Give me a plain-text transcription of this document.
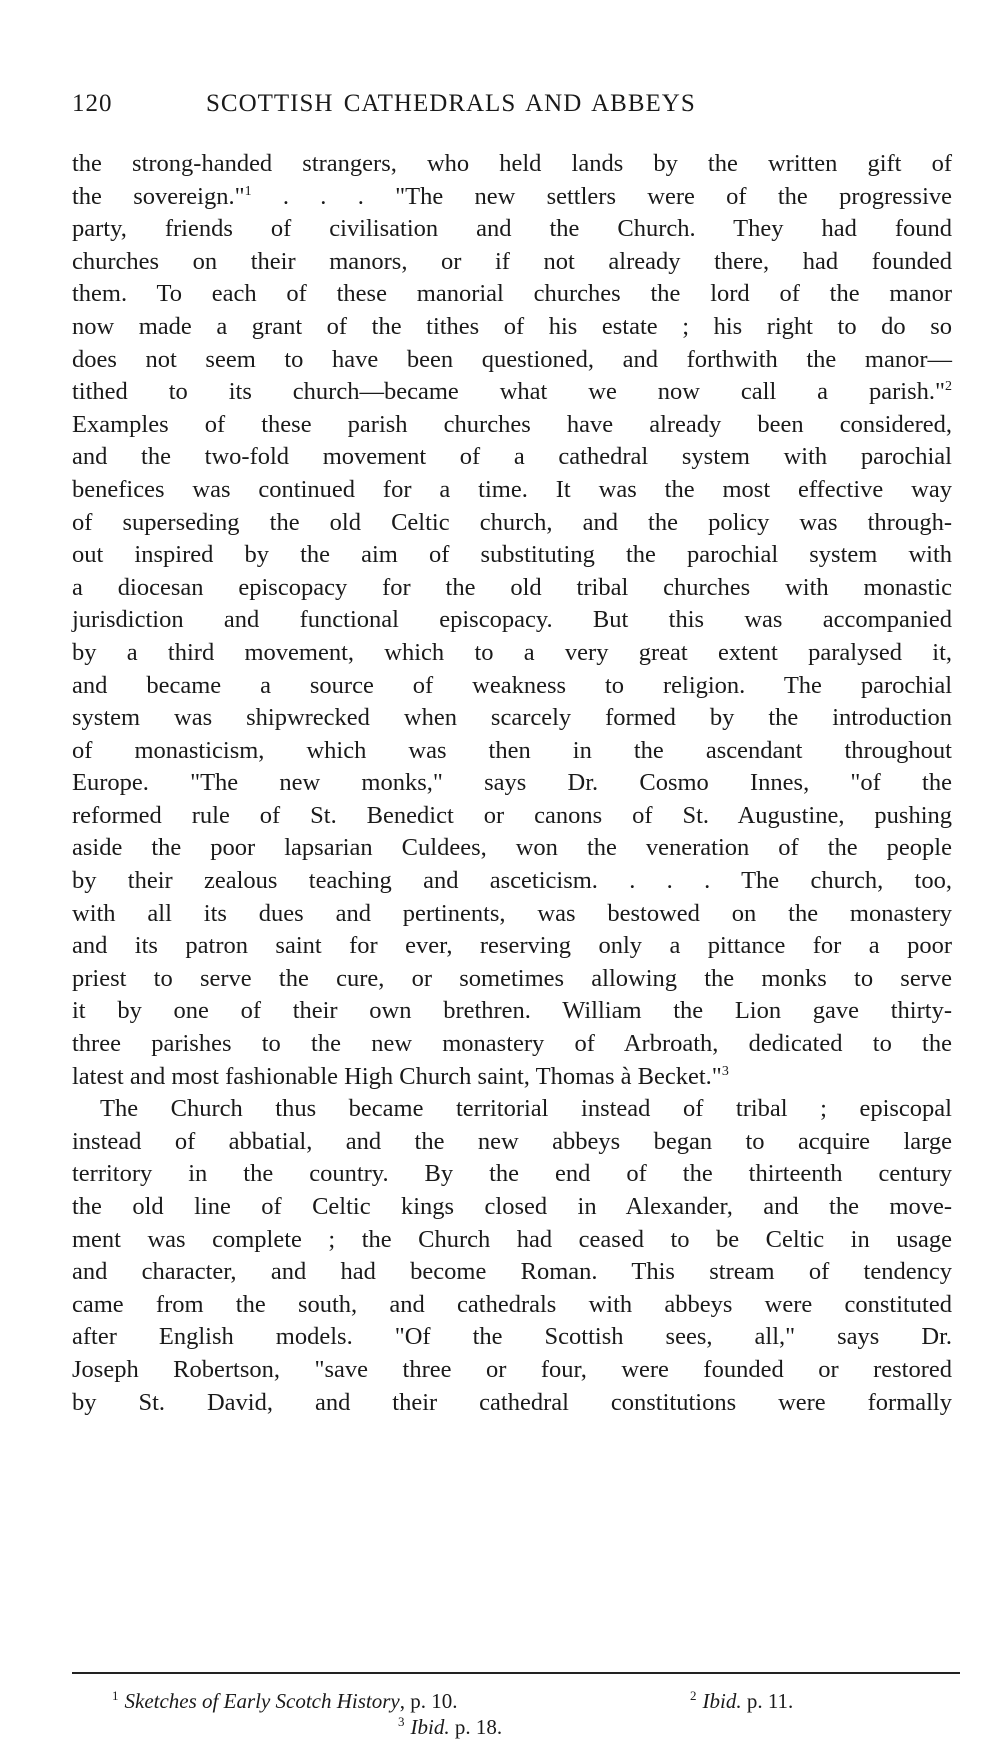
120	SCOTTISH CATHEDRALS AND ABBEYS
the strong-handed strangers, who held lands by the written gift of
the sovereign."$^1$ . . . "The new settlers were of the progressive
party, friends of civilisation and the Church. They had found
churches on their manors, or if not already there, had founded
them. To each of these manorial churches the lord of the manor
now made a grant of the tithes of his estate ; his right to do so
does not seem to have been questioned, and forthwith the manor—
tithed to its church—became what we now call a parish."$^2$
Examples of these parish churches have already been considered,
and the two-fold movement of a cathedral system with parochial
benefices was continued for a time. It was the most effective way
of superseding the old Celtic church, and the policy was through-
out inspired by the aim of substituting the parochial system with
a diocesan episcopacy for the old tribal churches with monastic
jurisdiction and functional episcopacy. But this was accompanied
by a third movement, which to a very great extent paralysed it,
and became a source of weakness to religion. The parochial
system was shipwrecked when scarcely formed by the introduction
of monasticism, which was then in the ascendant throughout
Europe. "The new monks," says Dr. Cosmo Innes, "of the
reformed rule of St. Benedict or canons of St. Augustine, pushing
aside the poor lapsarian Culdees, won the veneration of the people
by their zealous teaching and asceticism. . . . The church, too,
with all its dues and pertinents, was bestowed on the monastery
and its patron saint for ever, reserving only a pittance for a poor
priest to serve the cure, or sometimes allowing the monks to serve
it by one of their own brethren. William the Lion gave thirty-
three parishes to the new monastery of Arbroath, dedicated to the
latest and most fashionable High Church saint, Thomas à Becket."$^3$
The Church thus became territorial instead of tribal ; episcopal
instead of abbatial, and the new abbeys began to acquire large
territory in the country. By the end of the thirteenth century
the old line of Celtic kings closed in Alexander, and the move-
ment was complete ; the Church had ceased to be Celtic in usage
and character, and had become Roman. This stream of tendency
came from the south, and cathedrals with abbeys were constituted
after English models. "Of the Scottish sees, all," says Dr.
Joseph Robertson, "save three or four, were founded or restored
by St. David, and their cathedral constitutions were formally
$^1$ Sketches of Early Scotch History, p. 10.	$^2$ Ibid. p. 11.
$^3$ Ibid. p. 18.
